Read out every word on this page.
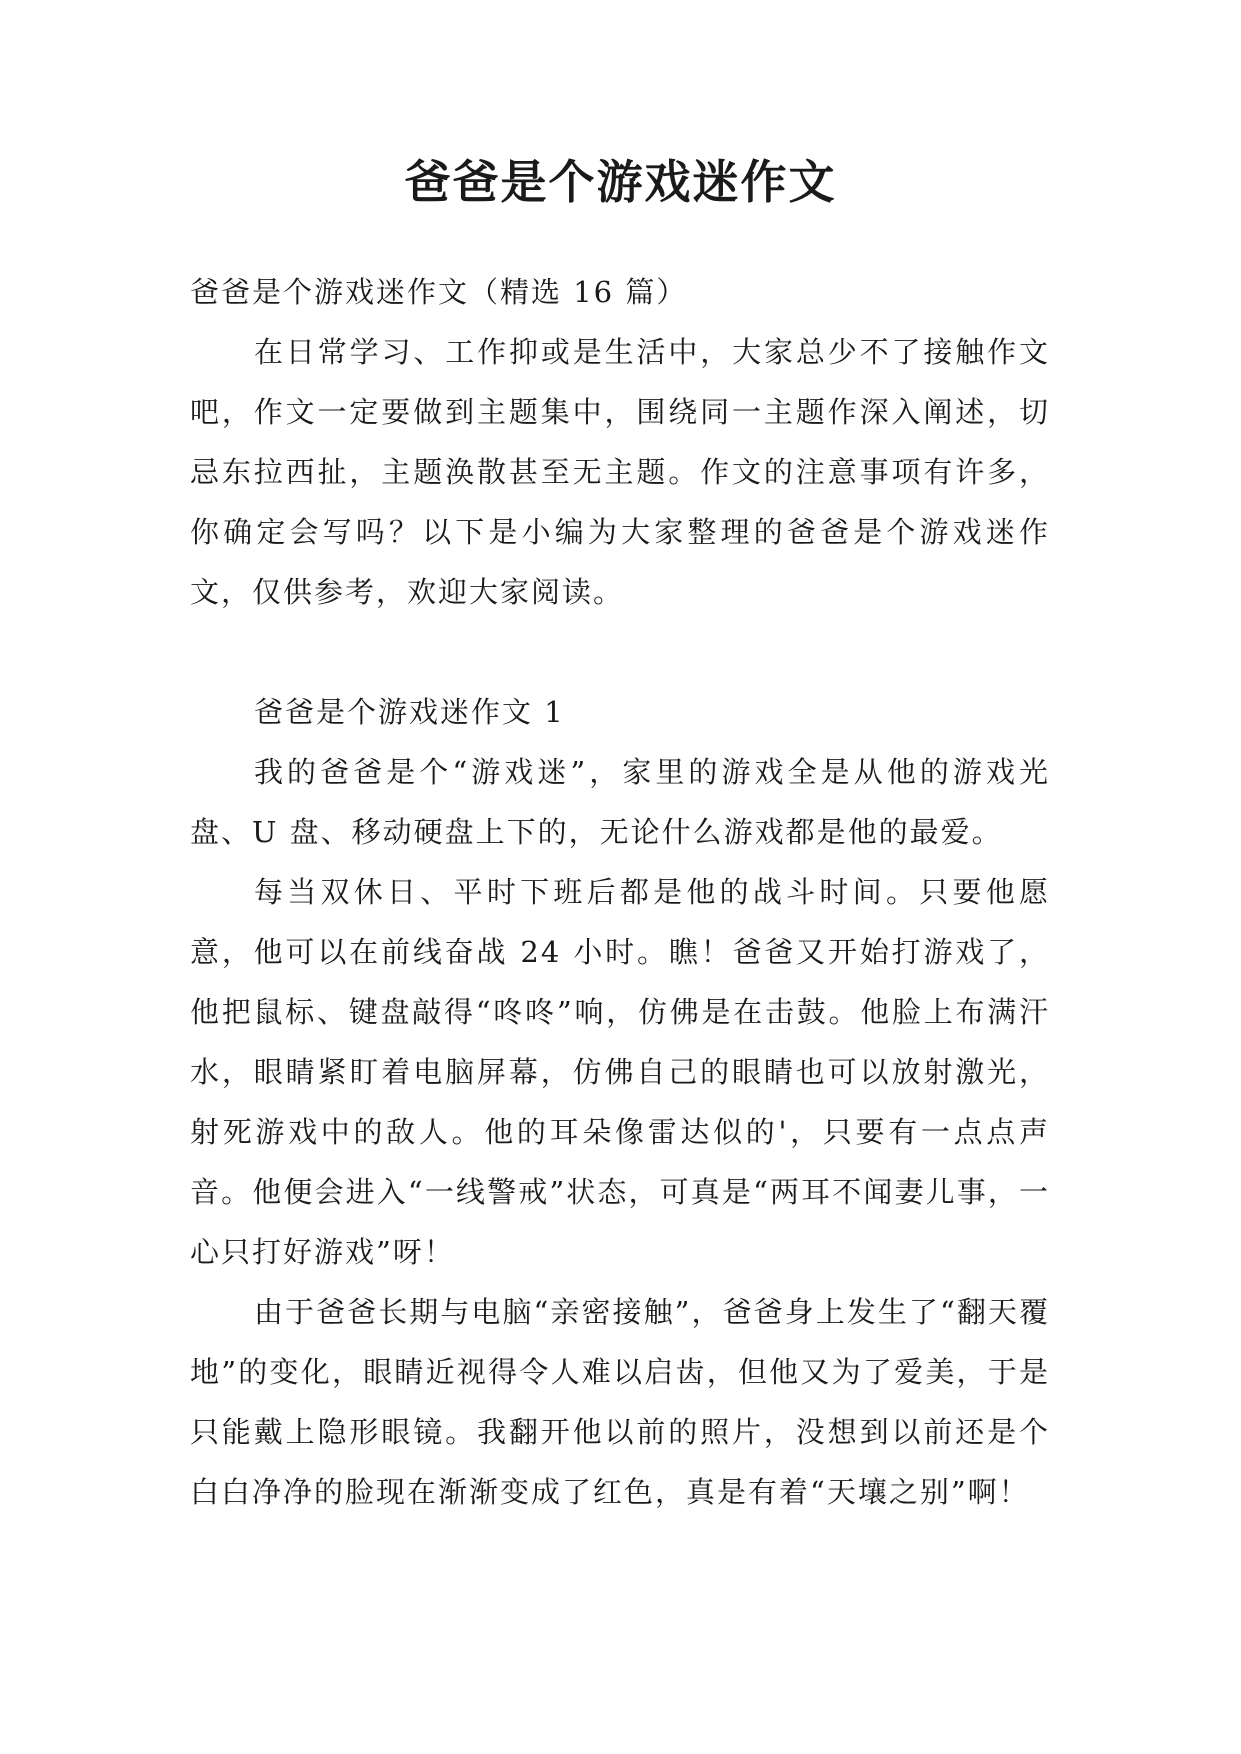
爸爸是个游戏迷作文

爸爸是个游戏迷作文（精选 16 篇）

在日常学习、工作抑或是生活中，大家总少不了接触作文吧，作文一定要做到主题集中，围绕同一主题作深入阐述，切忌东拉西扯，主题涣散甚至无主题。作文的注意事项有许多，你确定会写吗？以下是小编为大家整理的爸爸是个游戏迷作文，仅供参考，欢迎大家阅读。

爸爸是个游戏迷作文 1

我的爸爸是个“游戏迷”，家里的游戏全是从他的游戏光盘、U 盘、移动硬盘上下的，无论什么游戏都是他的最爱。

每当双休日、平时下班后都是他的战斗时间。只要他愿意，他可以在前线奋战 24 小时。瞧！爸爸又开始打游戏了，他把鼠标、键盘敲得“咚咚”响，仿佛是在击鼓。他脸上布满汗水，眼睛紧盯着电脑屏幕，仿佛自己的眼睛也可以放射激光，射死游戏中的敌人。他的耳朵像雷达似的'，只要有一点点声音。他便会进入“一线警戒”状态，可真是“两耳不闻妻儿事，一心只打好游戏”呀！

由于爸爸长期与电脑“亲密接触”，爸爸身上发生了“翻天覆地”的变化，眼睛近视得令人难以启齿，但他又为了爱美，于是只能戴上隐形眼镜。我翻开他以前的照片，没想到以前还是个白白净净的脸现在渐渐变成了红色，真是有着“天壤之别”啊！
